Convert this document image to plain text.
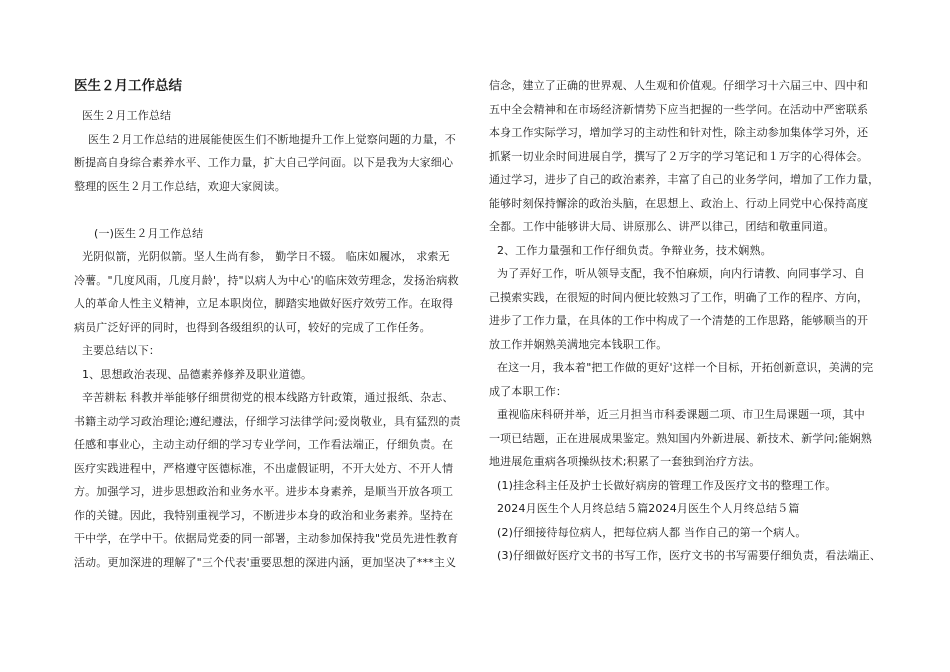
医生２月工作总结
医生２月工作总结
医生２月工作总结的进展能使医生们不断地提升工作上觉察问题的力量，不
断提高自身综合素养水平、工作力量，扩大自己学问面。以下是我为大家细心
整理的医生２月工作总结，欢迎大家阅读。
(一)医生２月工作总结
光阴似箭，光阴似箭。坚人生尚有参， 勤学日不辍。 临床如履冰， 求索无
冷薯。"几度风雨，几度月龄'，持"以病人为中心'的临床效劳理念，发扬治病救
人的革命人性主义精神，立足本职岗位，脚踏实地做好医疗效劳工作。在取得
病员广泛好评的同时，也得到各级组织的认可，较好的完成了工作任务。
主要总结以下：
1、思想政治表现、品德素养修养及职业道德。
辛苦耕耘 科教并举能够仔细贯彻党的根本线路方针政策，通过报纸、杂志、
书籍主动学习政治理论;遵纪遵法，仔细学习法律学问;爱岗敬业，具有猛烈的责
任感和事业心，主动主动仔细的学习专业学问，工作看法端正，仔细负责。在
医疗实践进程中，严格遵守医德标准，不出虚假证明，不开大处方、不开人情
方。加强学习，进步思想政治和业务水平。进步本身素养，是顺当开放各项工
作的关键。因此，我特别重视学习，不断进步本身的政治和业务素养。坚持在
干中学，在学中干。依据局党委的同一部署，主动参加保持我"党员先进性教育
活动。更加深进的理解了"三个代表'重要思想的深进内涵，更加坚决了***主义
信念，建立了正确的世界观、人生观和价值观。仔细学习十六届三中、四中和
五中全会精神和在市场经济新情势下应当把握的一些学问。在活动中严密联系
本身工作实际学习，增加学习的主动性和针对性，除主动参加集体学习外，还
抓紧一切业余时间进展自学，撰写了２万字的学习笔记和１万字的心得体会。
通过学习，进步了自己的政治素养，丰富了自己的业务学问，增加了工作力量，
能够时刻保持懈涂的政治头脑，在思想上、政治上、行动上同党中心保持高度
全都。工作中能够讲大局、讲原那么、讲严以律己，团结和敬重同道。
2、工作力量强和工作仔细负责。争辩业务，技术娴熟。
为了弄好工作，听从领导支配，我不怕麻烦，向内行请教、向同事学习、自
己摸索实践，在很短的时间内便比较熟习了工作，明确了工作的程序、方向，
进步了工作力量，在具体的工作中构成了一个清楚的工作思路，能够顺当的开
放工作并娴熟美满地完本钱职工作。
在这一月，我本着"把工作做的更好'这样一个目标，开拓创新意识，美满的完
成了本职工作：
重视临床科研并举，近三月担当市科委课题二项、市卫生局课题一项，其中
一项已结题，正在进展成果鉴定。熟知国内外新进展、新技术、新学问;能娴熟
地进展危重病各项操纵技术;积累了一套独到治疗方法。
(1)挂念科主任及护士长做好病房的管理工作及医疗文书的整理工作。
2024月医生个人月终总结５篇2024月医生个人月终总结５篇
(2)仔细接待每位病人，把每位病人都 当作自己的第一个病人。
(3)仔细做好医疗文书的书写工作，医疗文书的书写需要仔细负责，看法端正、
